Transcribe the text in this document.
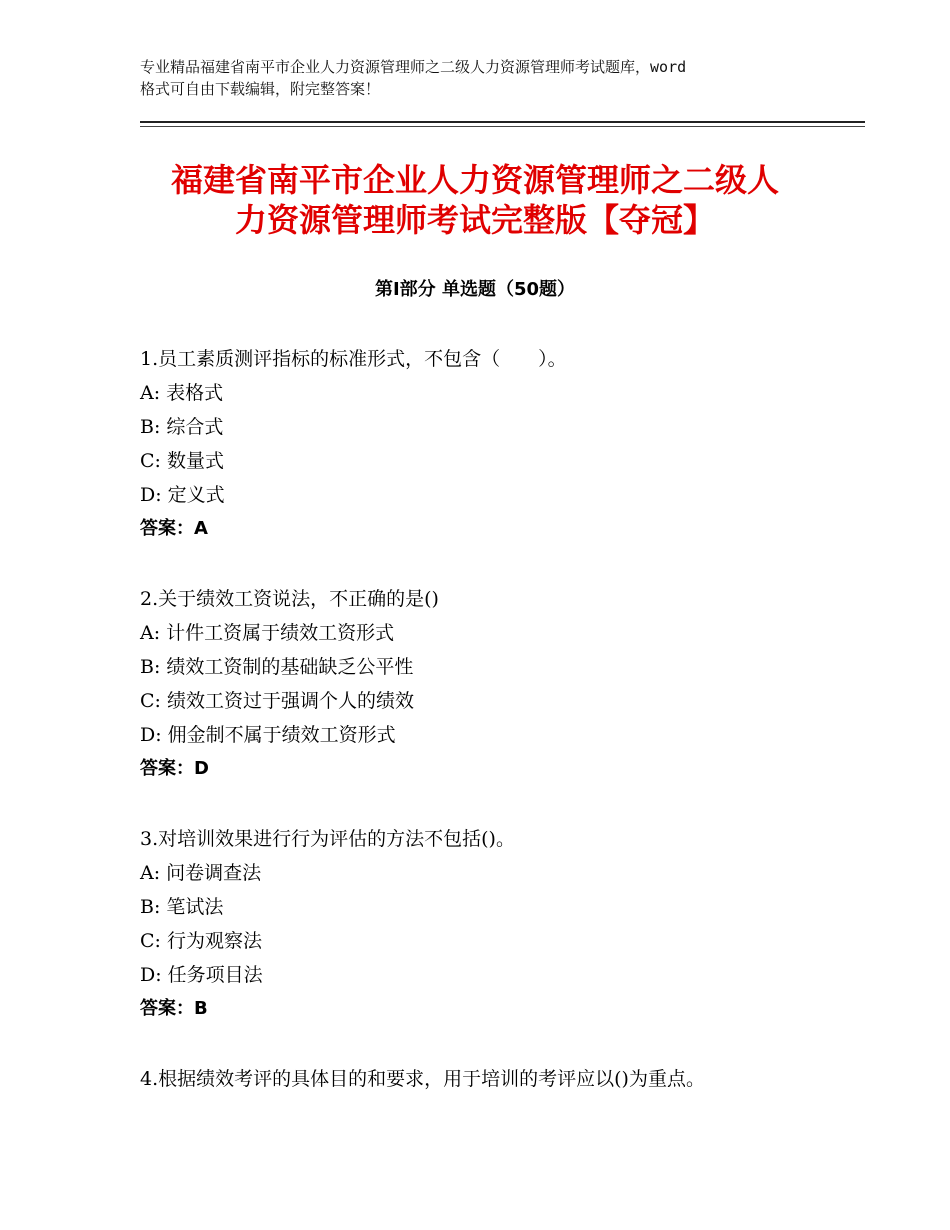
专业精品福建省南平市企业人力资源管理师之二级人力资源管理师考试题库，word
格式可自由下载编辑，附完整答案！
福建省南平市企业人力资源管理师之二级人
力资源管理师考试完整版【夺冠】
第Ⅰ部分 单选题（50题）
1.员工素质测评指标的标准形式，不包含（　　）。
A: 表格式
B: 综合式
C: 数量式
D: 定义式
答案：A
2.关于绩效工资说法，不正确的是()
A: 计件工资属于绩效工资形式
B: 绩效工资制的基础缺乏公平性
C: 绩效工资过于强调个人的绩效
D: 佣金制不属于绩效工资形式
答案：D
3.对培训效果进行行为评估的方法不包括()。
A: 问卷调查法
B: 笔试法
C: 行为观察法
D: 任务项目法
答案：B
4.根据绩效考评的具体目的和要求，用于培训的考评应以()为重点。
